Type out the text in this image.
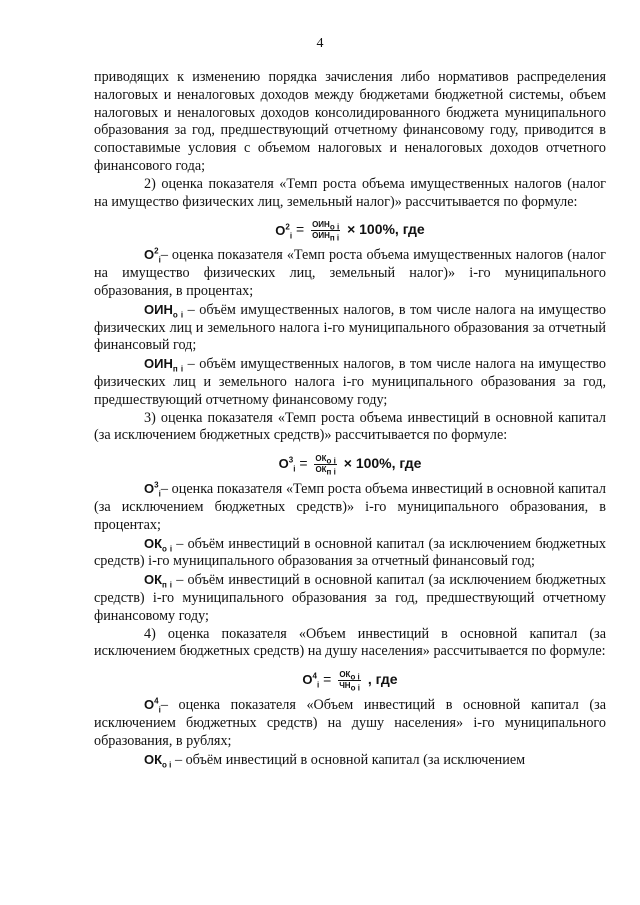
4

приводящих к изменению порядка зачисления либо нормативов распределения налоговых и неналоговых доходов между бюджетами бюджетной системы, объем налоговых и неналоговых доходов консолидированного бюджета муниципального образования за год, предшествующий отчетному финансовому году, приводится в сопоставимые условия с объемом налоговых и неналоговых доходов отчетного финансового года;

2) оценка показателя «Темп роста объема имущественных налогов (налог на имущество физических лиц, земельный налог)» рассчитывается по формуле:

$О^2_i = \frac{ОИН_{о i}}{ОИН_{п i}} \times 100\%$, где

$О^2_i-$ оценка показателя «Темп роста объема имущественных налогов (налог на имущество физических лиц, земельный налог)» i-го муниципального образования, в процентах;

$ОИН_{о i}$ – объём имущественных налогов, в том числе налога на имущество физических лиц и земельного налога i-го муниципального образования за отчетный финансовый год;

$ОИН_{п i}$ – объём имущественных налогов, в том числе налога на имущество физических лиц и земельного налога i-го муниципального образования за год, предшествующий отчетному финансовому году;

3) оценка показателя «Темп роста объема инвестиций в основной капитал (за исключением бюджетных средств)» рассчитывается по формуле:

$О^3_i = \frac{ОК_{о i}}{ОК_{п i}} \times 100\%$, где

$О^3_i-$ оценка показателя «Темп роста объема инвестиций в основной капитал (за исключением бюджетных средств)» i-го муниципального образования, в процентах;

$ОК_{о i}$ – объём инвестиций в основной капитал (за исключением бюджетных средств) i-го муниципального образования за отчетный финансовый год;

$ОК_{п i}$ – объём инвестиций в основной капитал (за исключением бюджетных средств) i-го муниципального образования за год, предшествующий отчетному финансовому году;

4) оценка показателя «Объем инвестиций в основной капитал (за исключением бюджетных средств) на душу населения» рассчитывается по формуле:

$О^4_i = \frac{ОК_{о i}}{ЧН_{о i}}$ , где

$О^4_i-$ оценка показателя «Объем инвестиций в основной капитал (за исключением бюджетных средств) на душу населения» i-го муниципального образования, в рублях;

$ОК_{о i}$ – объём инвестиций в основной капитал (за исключением
